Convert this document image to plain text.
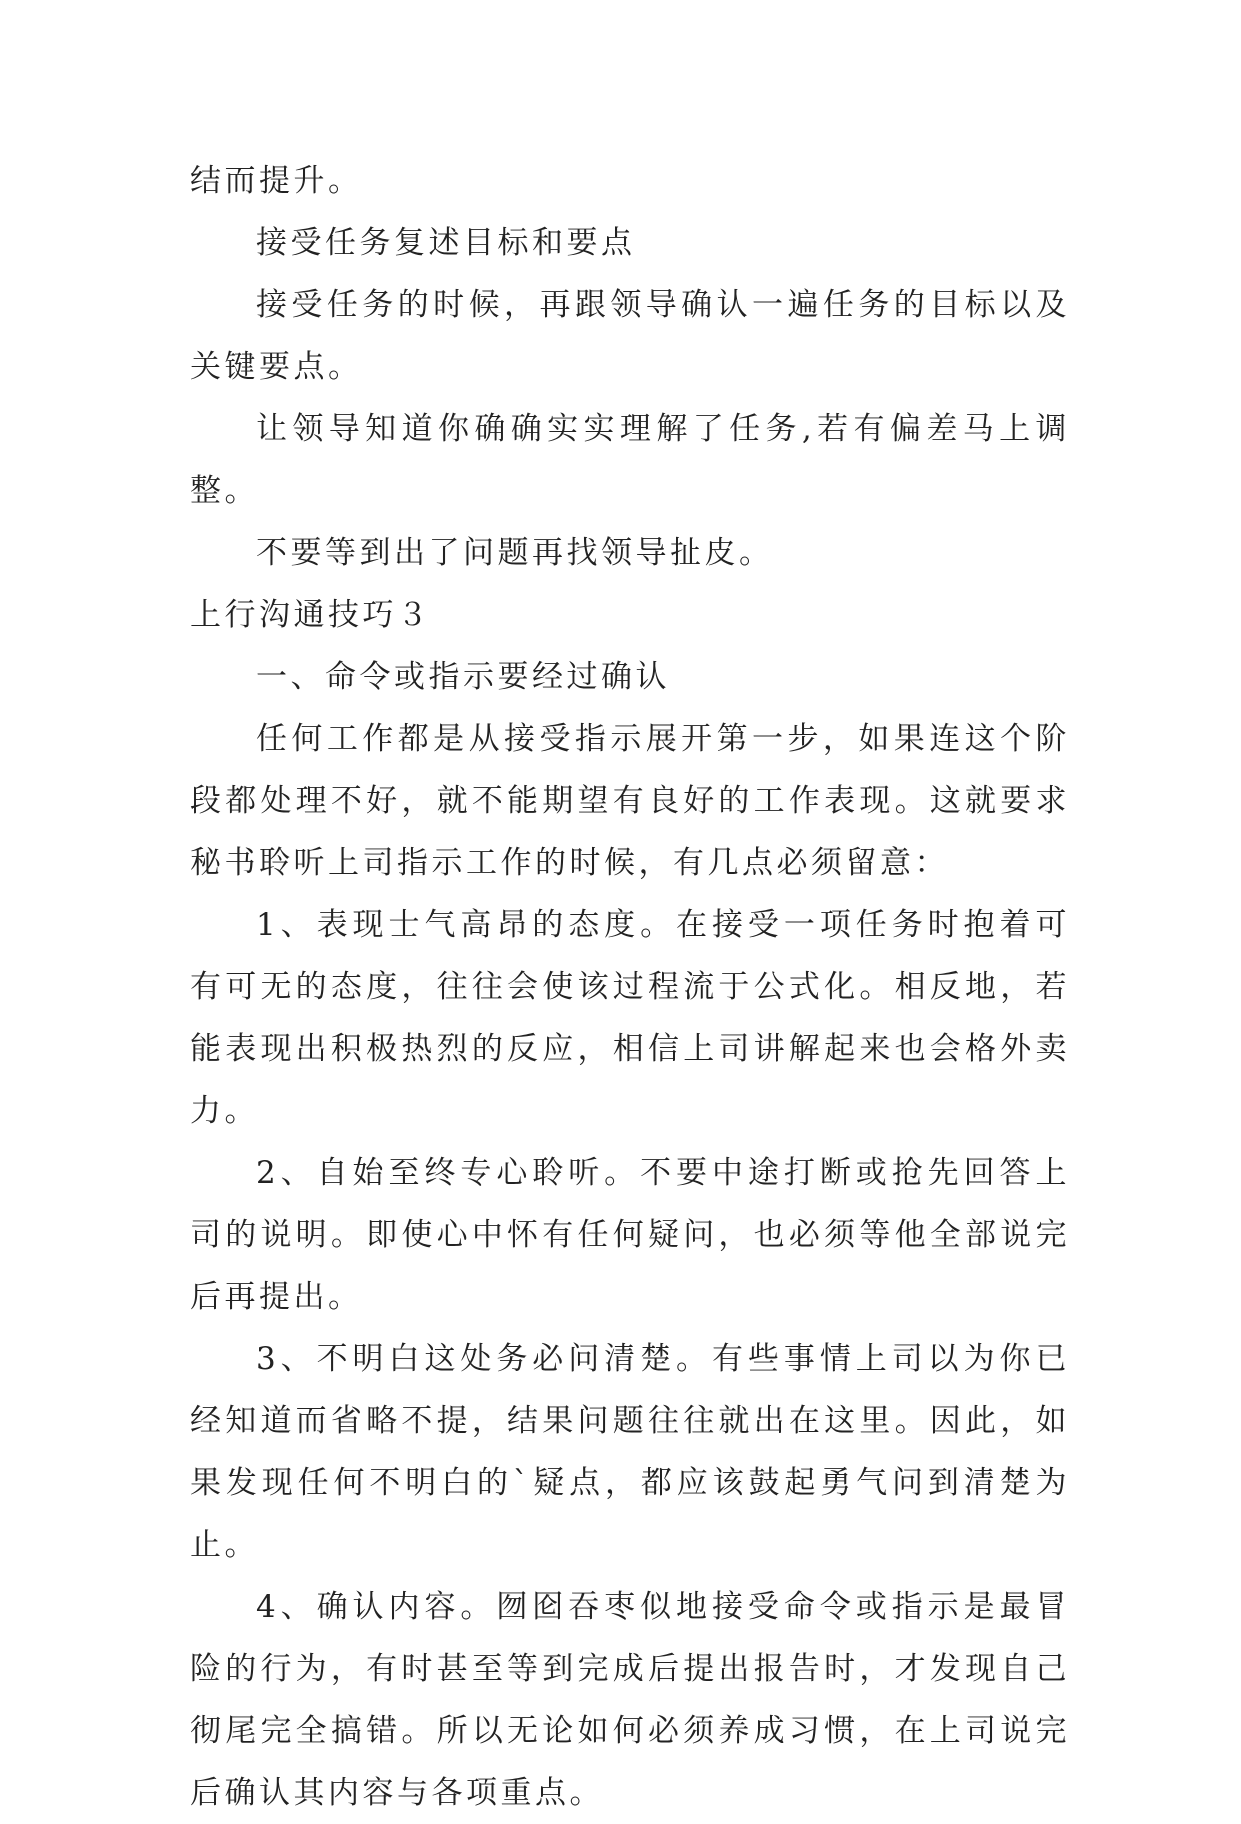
结而提升。

接受任务复述目标和要点

接受任务的时候，再跟领导确认一遍任务的目标以及关键要点。

让领导知道你确确实实理解了任务,若有偏差马上调整。

不要等到出了问题再找领导扯皮。

上行沟通技巧３

一、命令或指示要经过确认

任何工作都是从接受指示展开第一步，如果连这个阶段都处理不好，就不能期望有良好的工作表现。这就要求秘书聆听上司指示工作的时候，有几点必须留意：

1、表现士气高昂的态度。在接受一项任务时抱着可有可无的态度，往往会使该过程流于公式化。相反地，若能表现出积极热烈的反应，相信上司讲解起来也会格外卖力。

2、自始至终专心聆听。不要中途打断或抢先回答上司的说明。即使心中怀有任何疑问，也必须等他全部说完后再提出。

3、不明白这处务必问清楚。有些事情上司以为你已经知道而省略不提，结果问题往往就出在这里。因此，如果发现任何不明白的`疑点，都应该鼓起勇气问到清楚为止。

4、确认内容。囫囵吞枣似地接受命令或指示是最冒险的行为，有时甚至等到完成后提出报告时，才发现自己彻尾完全搞错。所以无论如何必须养成习惯，在上司说完后确认其内容与各项重点。
